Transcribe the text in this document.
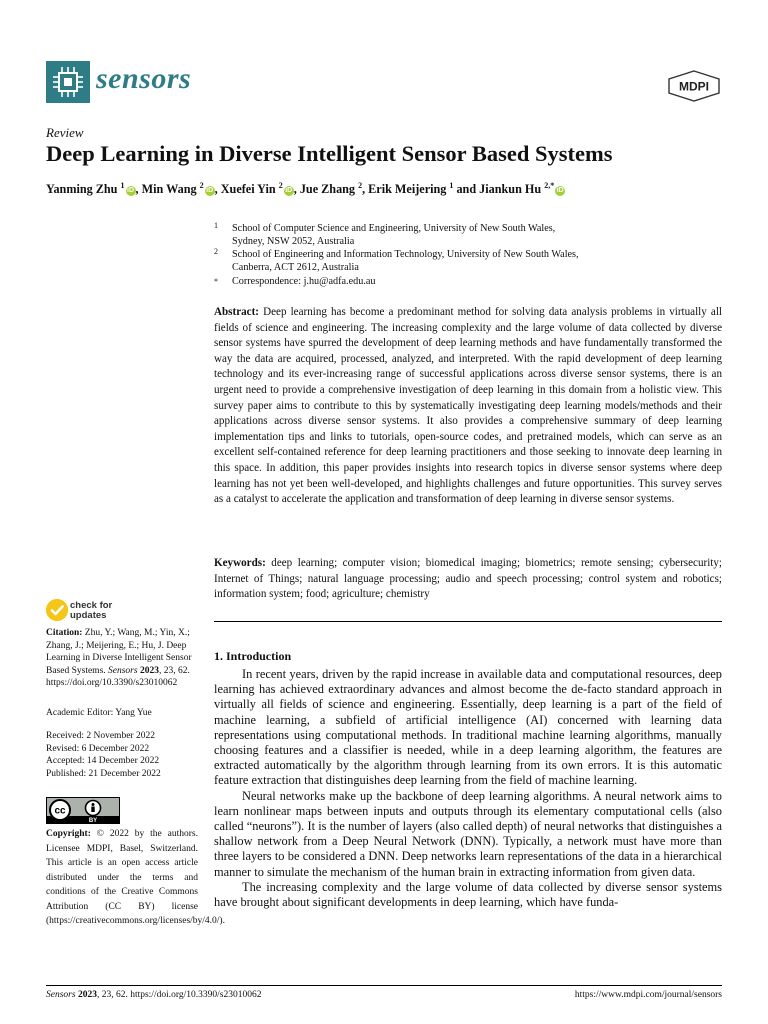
sensors	MDPI
Review
Deep Learning in Diverse Intelligent Sensor Based Systems
Yanming Zhu $^1$iD , Min Wang $^2$iD , Xuefei Yin $^2$iD , Jue Zhang $^2$, Erik Meijering $^1$ and Jiankun Hu $^{2,*}$iD
1 School of Computer Science and Engineering, University of New South Wales,
Sydney, NSW 2052, Australia
2 School of Engineering and Information Technology, University of New South Wales,
Canberra, ACT 2612, Australia
* Correspondence: j.hu@adfa.edu.au
Abstract: Deep learning has become a predominant method for solving data analysis problems in virtually all fields of science and engineering. The increasing complexity and the large volume of data collected by diverse sensor systems have spurred the development of deep learning methods and have fundamentally transformed the way the data are acquired, processed, analyzed, and interpreted. With the rapid development of deep learning technology and its ever-increasing range of successful applications across diverse sensor systems, there is an urgent need to provide a comprehensive investigation of deep learning in this domain from a holistic view. This survey paper aims to contribute to this by systematically investigating deep learning models/methods and their applications across diverse sensor systems. It also provides a comprehensive summary of deep learning implementation tips and links to tutorials, open-source codes, and pretrained models, which can serve as an excellent self-contained reference for deep learning practitioners and those seeking to innovate deep learning in this space. In addition, this paper provides insights into research topics in diverse sensor systems where deep learning has not yet been well-developed, and highlights challenges and future opportunities. This survey serves as a catalyst to accelerate the application and transformation of deep learning in diverse sensor systems.
Keywords: deep learning; computer vision; biomedical imaging; biometrics; remote sensing; cybersecurity; Internet of Things; natural language processing; audio and speech processing; control system and robotics; information system; food; agriculture; chemistry
1. Introduction

In recent years, driven by the rapid increase in available data and computational resources, deep learning has achieved extraordinary advances and almost become the de-facto standard approach in virtually all fields of science and engineering. Essentially, deep learning is a part of the field of machine learning, a subfield of artificial intelligence (AI) concerned with learning data representations using computational methods. In traditional machine learning algorithms, manually choosing features and a classifier is needed, while in a deep learning algorithm, the features are extracted automatically by the algorithm through learning from its own errors. It is this automatic feature extraction that distinguishes deep learning from the field of machine learning.

Neural networks make up the backbone of deep learning algorithms. A neural network aims to learn nonlinear maps between inputs and outputs through its elementary computational cells (also called “neurons”). It is the number of layers (also called depth) of neural networks that distinguishes a shallow network from a Deep Neural Network (DNN). Typically, a network must have more than three layers to be considered a DNN. Deep networks learn representations of the data in a hierarchical manner to simulate the mechanism of the human brain in extracting information from given data.

The increasing complexity and the large volume of data collected by diverse sensor systems have brought about significant developments in deep learning, which have funda-

check for
updates
Citation: Zhu, Y.; Wang, M.; Yin, X.; Zhang, J.; Meijering, E.; Hu, J. Deep Learning in Diverse Intelligent Sensor Based Systems. Sensors 2023, 23, 62. https://doi.org/10.3390/s23010062
Academic Editor: Yang Yue
Received: 2 November 2022
Revised: 6 December 2022
Accepted: 14 December 2022
Published: 21 December 2022
cc
BY
Copyright: © 2022 by the authors. Licensee MDPI, Basel, Switzerland. This article is an open access article distributed under the terms and conditions of the Creative Commons Attribution (CC BY) license (https://creativecommons.org/licenses/by/4.0/).
Sensors 2023, 23, 62. https://doi.org/10.3390/s23010062	https://www.mdpi.com/journal/sensors
